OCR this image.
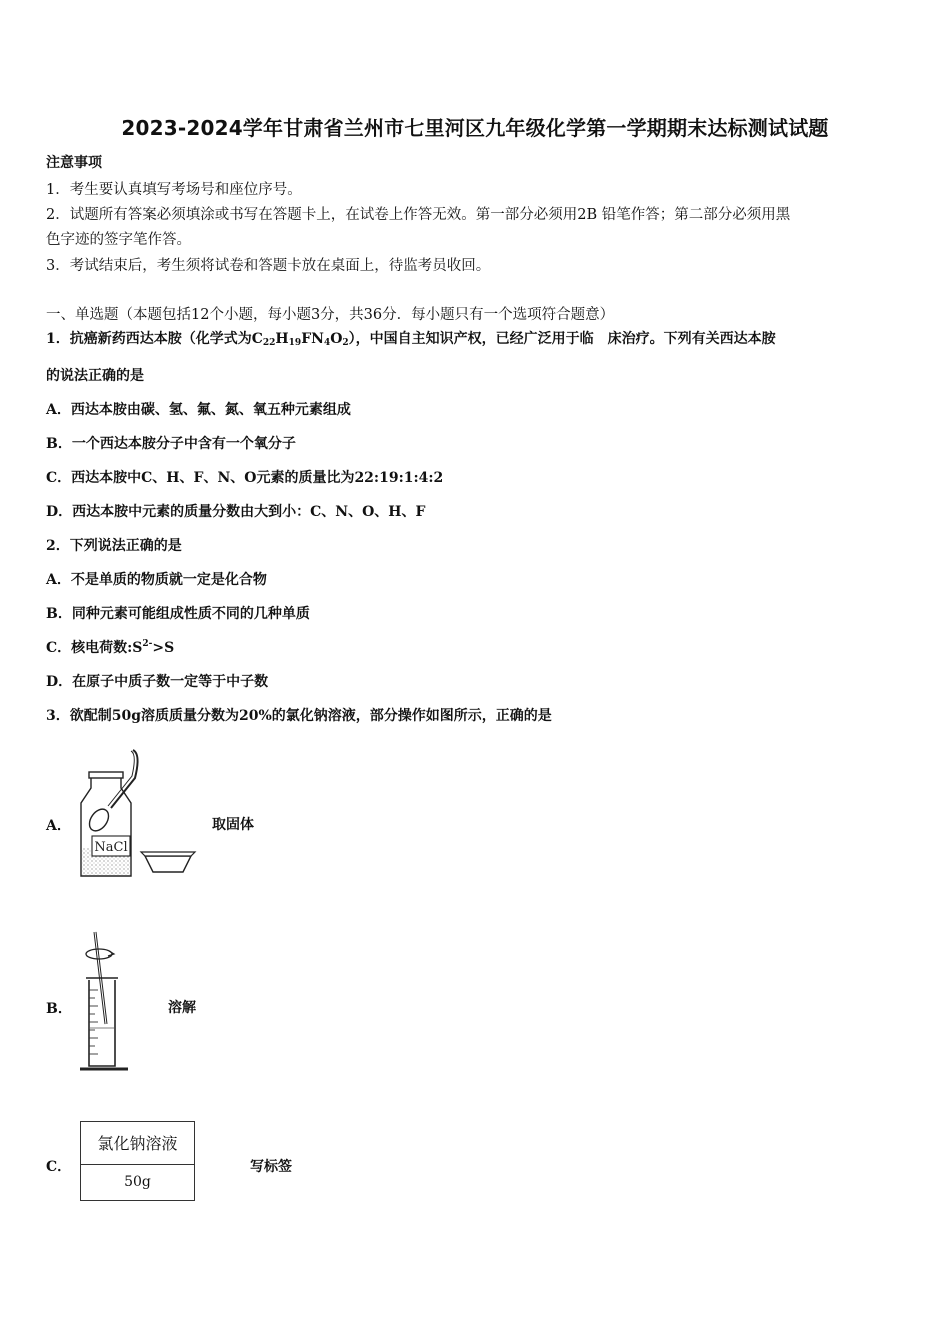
2023-2024学年甘肃省兰州市七里河区九年级化学第一学期期末达标测试试题
注意事项
1．考生要认真填写考场号和座位序号。
2．试题所有答案必须填涂或书写在答题卡上，在试卷上作答无效。第一部分必须用2B 铅笔作答；第二部分必须用黑
色字迹的签字笔作答。
3．考试结束后，考生须将试卷和答题卡放在桌面上，待监考员收回。
一、单选题（本题包括12个小题，每小题3分，共36分．每小题只有一个选项符合题意）
1．抗癌新药西达本胺（化学式为$C_{22}H_{19}FN_4O_2$），中国自主知识产权，已经广泛用于临　床治疗。下列有关西达本胺
的说法正确的是
A．西达本胺由碳、氢、氟、氮、氧五种元素组成
B．一个西达本胺分子中含有一个氧分子
C．西达本胺中C、H、F、N、O元素的质量比为22:19:1:4:2
D．西达本胺中元素的质量分数由大到小：C、N、O、H、F
2．下列说法正确的是
A．不是单质的物质就一定是化合物
B．同种元素可能组成性质不同的几种单质
C．核电荷数$:S^{2-}>S$
D．在原子中质子数一定等于中子数
3．欲配制50g溶质质量分数为20%的氯化钠溶液，部分操作如图所示，正确的是
A．
NaCl
取固体
B．	溶解
C．
氯化钠溶液
50g
写标签
